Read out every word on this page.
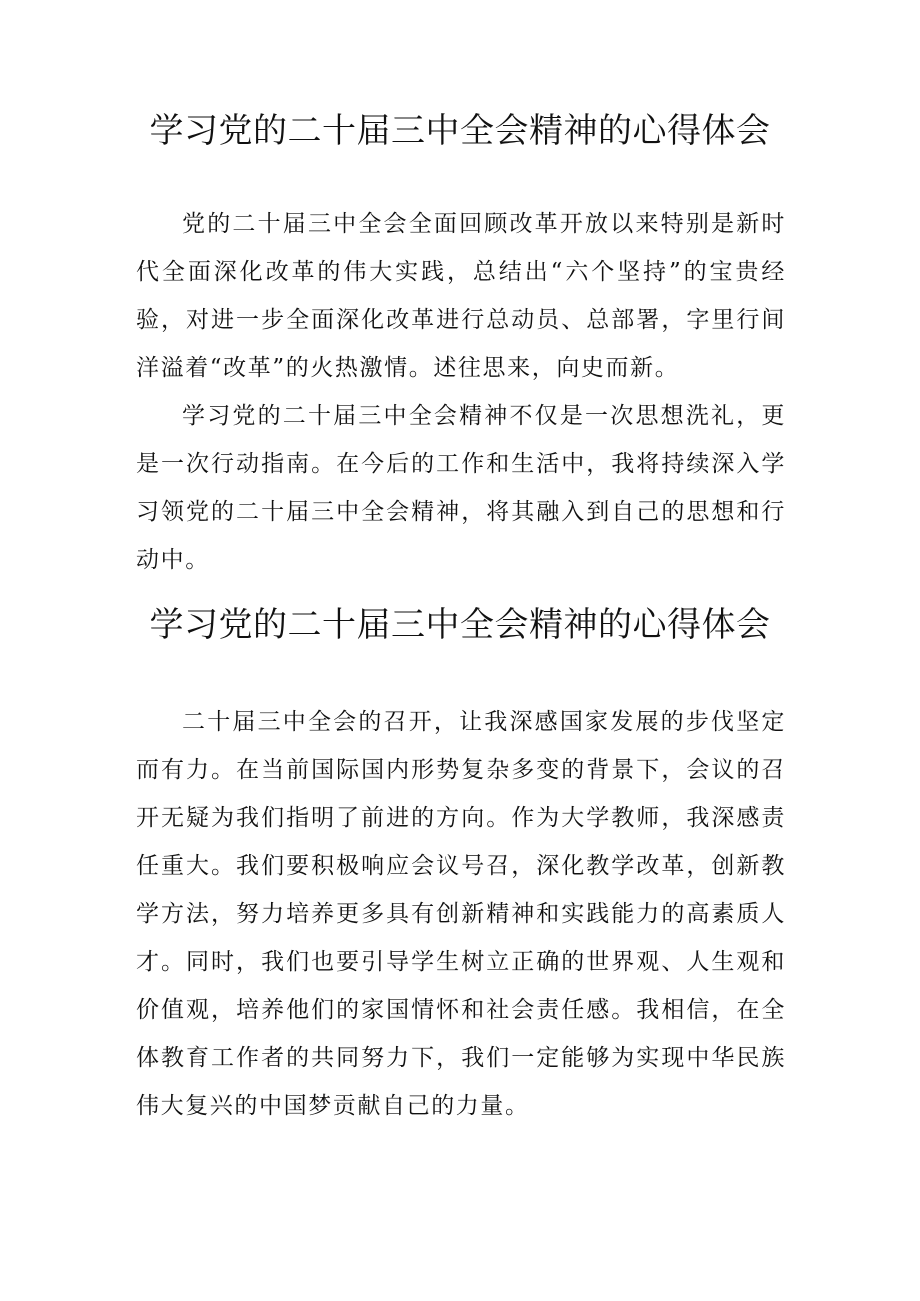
学习党的二十届三中全会精神的心得体会

党的二十届三中全会全面回顾改革开放以来特别是新时代全面深化改革的伟大实践，总结出“六个坚持”的宝贵经验，对进一步全面深化改革进行总动员、总部署，字里行间洋溢着“改革”的火热激情。述往思来，向史而新。

学习党的二十届三中全会精神不仅是一次思想洗礼，更是一次行动指南。在今后的工作和生活中，我将持续深入学习领党的二十届三中全会精神，将其融入到自己的思想和行动中。

学习党的二十届三中全会精神的心得体会

二十届三中全会的召开，让我深感国家发展的步伐坚定而有力。在当前国际国内形势复杂多变的背景下，会议的召开无疑为我们指明了前进的方向。作为大学教师，我深感责任重大。我们要积极响应会议号召，深化教学改革，创新教学方法，努力培养更多具有创新精神和实践能力的高素质人才。同时，我们也要引导学生树立正确的世界观、人生观和价值观，培养他们的家国情怀和社会责任感。我相信，在全体教育工作者的共同努力下，我们一定能够为实现中华民族伟大复兴的中国梦贡献自己的力量。
